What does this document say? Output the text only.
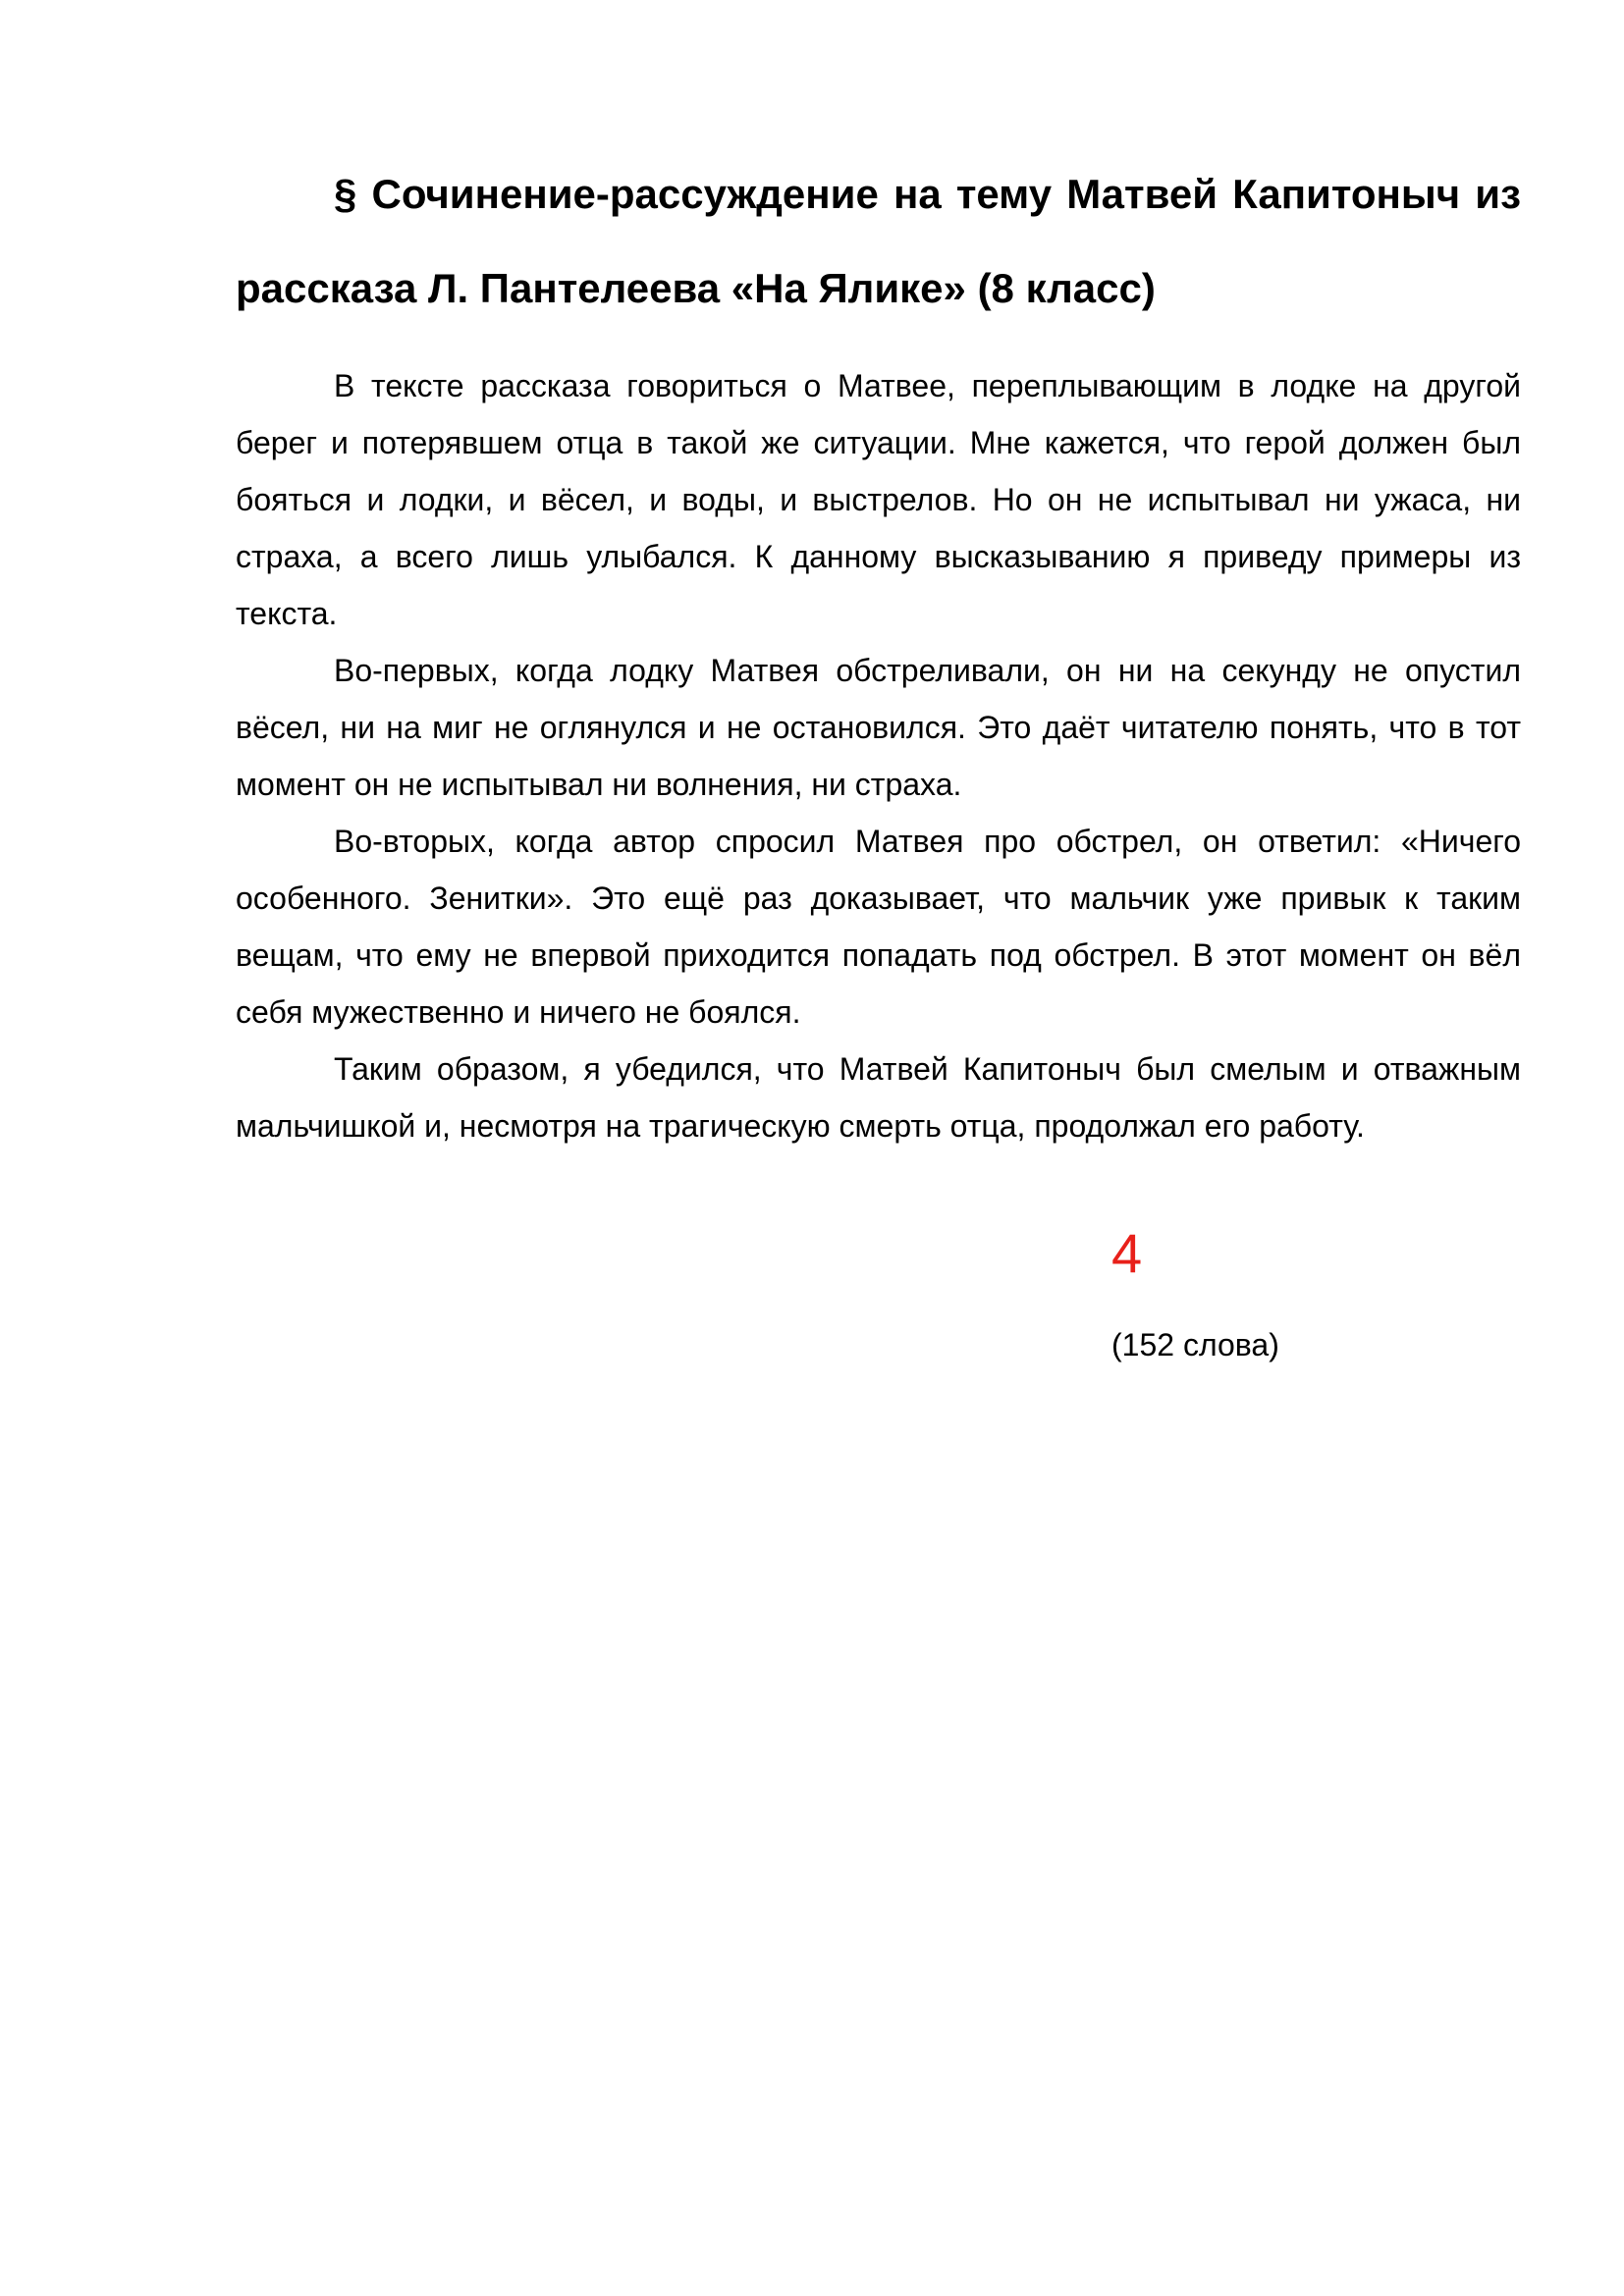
§ Сочинение-рассуждение на тему Матвей Капитоныч из рассказа Л. Пантелеева «На Ялике» (8 класс)

В тексте рассказа говориться о Матвее, переплывающим в лодке на другой берег и потерявшем отца в такой же ситуации. Мне кажется, что герой должен был бояться и лодки, и вёсел, и воды, и выстрелов. Но он не испытывал ни ужаса, ни страха, а всего лишь улыбался. К данному высказыванию я приведу примеры из текста.

Во-первых, когда лодку Матвея обстреливали, он ни на секунду не опустил вёсел, ни на миг не оглянулся и не остановился. Это даёт читателю понять, что в тот момент он не испытывал ни волнения, ни страха.

Во-вторых, когда автор спросил Матвея про обстрел, он ответил: «Ничего особенного. Зенитки». Это ещё раз доказывает, что мальчик уже привык к таким вещам, что ему не впервой приходится попадать под обстрел. В этот момент он вёл себя мужественно и ничего не боялся.

Таким образом, я убедился, что Матвей Капитоныч был смелым и отважным мальчишкой и, несмотря на трагическую смерть отца, продолжал его работу.

4
(152 слова)
